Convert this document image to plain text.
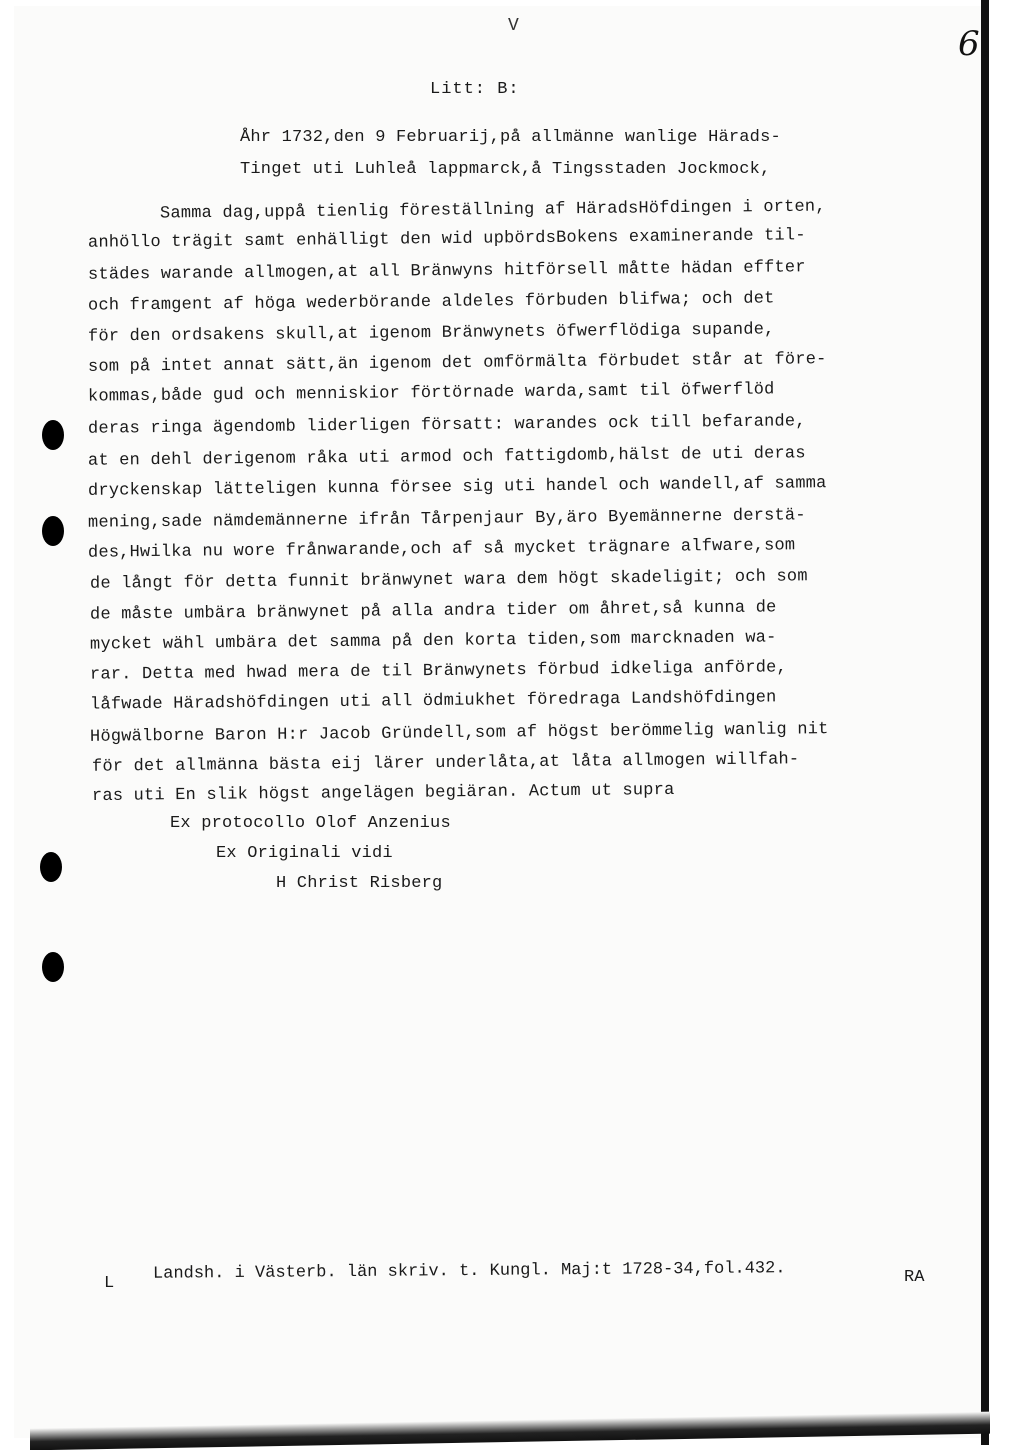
V	6.
Litt: B:
Åhr 1732,den 9 Februarij,på allmänne wanlige Härads-
Tinget uti Luhleå lappmarck,å Tingsstaden Jockmock,
Samma dag,uppå tienlig föreställning af HäradsHöfdingen i orten,
anhöllo trägit samt enhälligt den wid upbördsBokens examinerande til-
städes warande allmogen,at all Bränwyns hitförsell måtte hädan effter
och framgent af höga wederbörande aldeles förbuden blifwa; och det
för den ordsakens skull,at igenom Bränwynets öfwerflödiga supande,
som på intet annat sätt,än igenom det omförmälta förbudet står at före-
kommas,både gud och menniskior förtörnade warda,samt til öfwerflöd
deras ringa ägendomb liderligen försatt: warandes ock till befarande,
at en dehl derigenom råka uti armod och fattigdomb,hälst de uti deras
dryckenskap lätteligen kunna försee sig uti handel och wandell,af samma
mening,sade nämdemännerne ifrån Tårpenjaur By,äro Byemännerne derstä-
des,Hwilka nu wore frånwarande,och af så mycket trägnare alfware,som
de långt för detta funnit bränwynet wara dem högt skadeligit; och som
de måste umbära bränwynet på alla andra tider om åhret,så kunna de
mycket wähl umbära det samma på den korta tiden,som marcknaden wa-
rar. Detta med hwad mera de til Bränwynets förbud idkeliga anförde,
låfwade Häradshöfdingen uti all ödmiukhet föredraga Landshöfdingen
Högwälborne Baron H:r Jacob Gründell,som af högst berömmelig wanlig nit
för det allmänna bästa eij lärer underlåta,at låta allmogen willfah-
ras uti En slik högst angelägen begiäran. Actum ut supra
Ex protocollo Olof Anzenius
Ex Originali vidi
H Christ Risberg
L Landsh. i Västerb. län skriv. t. Kungl. Maj:t 1728-34,fol.432.	RA
